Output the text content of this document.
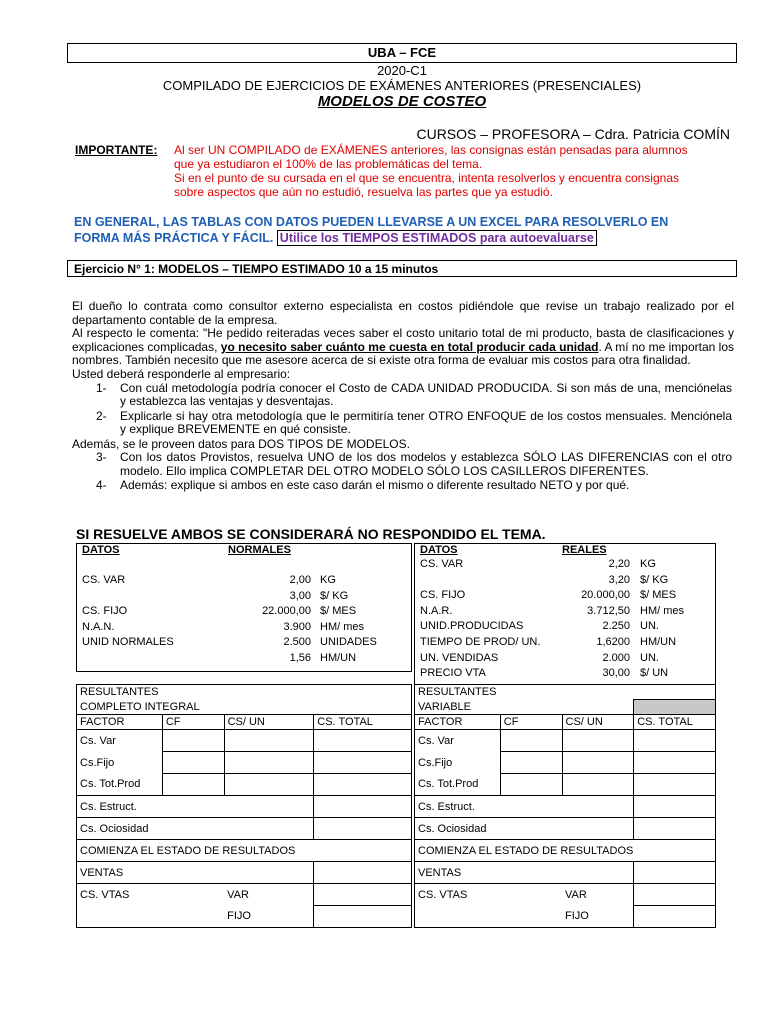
UBA – FCE
2020-C1
COMPILADO DE EJERCICIOS DE EXÁMENES ANTERIORES (PRESENCIALES)
MODELOS DE COSTEO
CURSOS – PROFESORA – Cdra. Patricia COMÍN
IMPORTANTE: Al ser UN COMPILADO de EXÁMENES anteriores, las consignas están pensadas para alumnos
que ya estudiaron el 100% de las problemáticas del tema.
Si en el punto de su cursada en el que se encuentra, intenta resolverlos y encuentra consignas
sobre aspectos que aún no estudió, resuelva las partes que ya estudió.
EN GENERAL, LAS TABLAS CON DATOS PUEDEN LLEVARSE A UN EXCEL PARA RESOLVERLO EN
FORMA MÁS PRÁCTICA Y FÁCIL. Utilice los TIEMPOS ESTIMADOS para autoevaluarse
Ejercicio N° 1: MODELOS – TIEMPO ESTIMADO 10 a 15 minutos
El dueño lo contrata como consultor externo especialista en costos pidiéndole que revise un trabajo realizado por el departamento contable de la empresa.
Al respecto le comenta: "He pedido reiteradas veces saber el costo unitario total de mi producto, basta de clasificaciones y explicaciones complicadas, yo necesito saber cuánto me cuesta en total producir cada unidad. A mí no me importan los nombres. También necesito que me asesore acerca de si existe otra forma de evaluar mis costos para otra finalidad.
Usted deberá responderle al empresario:
1- Con cuál metodología podría conocer el Costo de CADA UNIDAD PRODUCIDA. Si son más de una, menciónelas y establezca las ventajas y desventajas.
2- Explicarle si hay otra metodología que le permitiría tener OTRO ENFOQUE de los costos mensuales. Menciónela y explique BREVEMENTE en qué consiste.
Además, se le proveen datos para DOS TIPOS DE MODELOS.
3- Con los datos Provistos, resuelva UNO de los dos modelos y establezca SÓLO LAS DIFERENCIAS con el otro modelo. Ello implica COMPLETAR DEL OTRO MODELO SÓLO LOS CASILLEROS DIFERENTES.
4- Además: explique si ambos en este caso darán el mismo o diferente resultado NETO y por qué.
SI RESUELVE AMBOS SE CONSIDERARÁ NO RESPONDIDO EL TEMA.
DATOS	NORMALES
CS. VAR	2,00 KG
3,00 $/ KG
CS. FIJO	22.000,00 $/ MES
N.A.N.	3.900 HM/ mes
UNID NORMALES	2.500 UNIDADES
1,56 HM/UN
DATOS	REALES
CS. VAR	2,20 KG
3,20 $/ KG
CS. FIJO	20.000,00 $/ MES
N.A.R.	3.712,50 HM/ mes
UNID.PRODUCIDAS	2.250 UN.
TIEMPO DE PROD/ UN.	1,6200 HM/UN
UN. VENDIDAS	2.000 UN.
PRECIO VTA	30,00 $/ UN
RESULTANTES			
COMPLETO INTEGRAL			
FACTOR	CF	CS/ UN	CS. TOTAL
Cs. Var			
Cs.Fijo			
Cs. Tot.Prod			
Cs. Estruct.			
Cs. Ociosidad			
COMIENZA EL ESTADO DE RESULTADOS			
VENTAS			
CS. VTAS		VAR	
		FIJO	
RESULTANTES			
VARIABLE			
FACTOR	CF	CS/ UN	CS. TOTAL
Cs. Var			
Cs.Fijo			
Cs. Tot.Prod			
Cs. Estruct.			
Cs. Ociosidad			
COMIENZA EL ESTADO DE RESULTADOS			
VENTAS			
CS. VTAS		VAR	
		FIJO	
